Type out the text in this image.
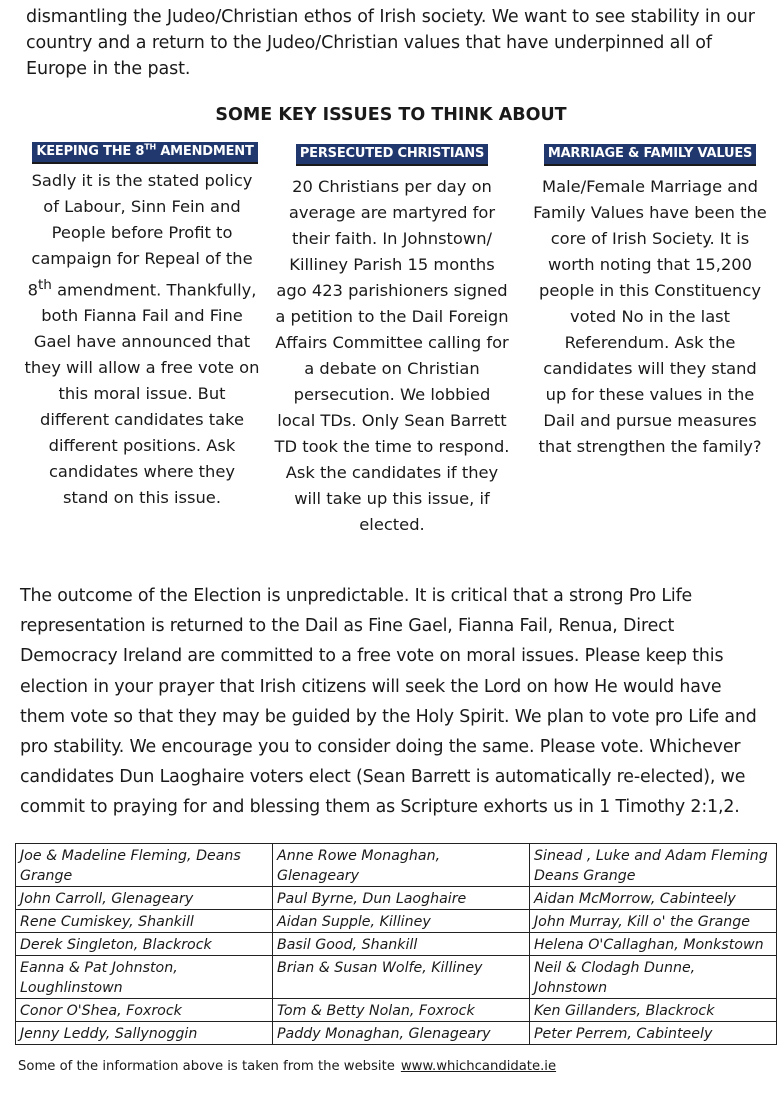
dismantling the Judeo/Christian ethos of Irish society. We want to see stability in our country and a return to the Judeo/Christian values that have underpinned all of Europe in the past.
SOME KEY ISSUES TO THINK ABOUT
KEEPING THE 8TH AMENDMENT

Sadly it is the stated policy of Labour, Sinn Fein and People before Profit to campaign for Repeal of the 8th amendment. Thankfully, both Fianna Fail and Fine Gael have announced that they will allow a free vote on this moral issue. But different candidates take different positions. Ask candidates where they stand on this issue.

PERSECUTED CHRISTIANS

20 Christians per day on average are martyred for their faith. In Johnstown/ Killiney Parish 15 months ago 423 parishioners signed a petition to the Dail Foreign Affairs Committee calling for a debate on Christian persecution. We lobbied local TDs. Only Sean Barrett TD took the time to respond. Ask the candidates if they will take up this issue, if elected.

MARRIAGE & FAMILY VALUES

Male/Female Marriage and Family Values have been the core of Irish Society. It is worth noting that 15,200 people in this Constituency voted No in the last Referendum. Ask the candidates will they stand up for these values in the Dail and pursue measures that strengthen the family?

The outcome of the Election is unpredictable. It is critical that a strong Pro Life representation is returned to the Dail as Fine Gael, Fianna Fail, Renua, Direct Democracy Ireland are committed to a free vote on moral issues. Please keep this election in your prayer that Irish citizens will seek the Lord on how He would have them vote so that they may be guided by the Holy Spirit. We plan to vote pro Life and pro stability. We encourage you to consider doing the same. Please vote. Whichever candidates Dun Laoghaire voters elect (Sean Barrett is automatically re-elected), we commit to praying for and blessing them as Scripture exhorts us in 1 Timothy 2:1,2.
Joe & Madeline Fleming, Deans Grange	Anne Rowe Monaghan, Glenageary	Sinead , Luke and Adam Fleming Deans Grange
John Carroll, Glenageary	Paul Byrne, Dun Laoghaire	Aidan McMorrow, Cabinteely
Rene Cumiskey, Shankill	Aidan Supple, Killiney	John Murray, Kill o' the Grange
Derek Singleton, Blackrock	Basil Good, Shankill	Helena O'Callaghan, Monkstown
Eanna & Pat Johnston, Loughlinstown	Brian & Susan Wolfe, Killiney	Neil & Clodagh Dunne, Johnstown
Conor O'Shea, Foxrock	Tom & Betty Nolan, Foxrock	Ken Gillanders, Blackrock
Jenny Leddy, Sallynoggin	Paddy Monaghan, Glenageary	Peter Perrem, Cabinteely
Some of the information above is taken from the website www.whichcandidate.ie
